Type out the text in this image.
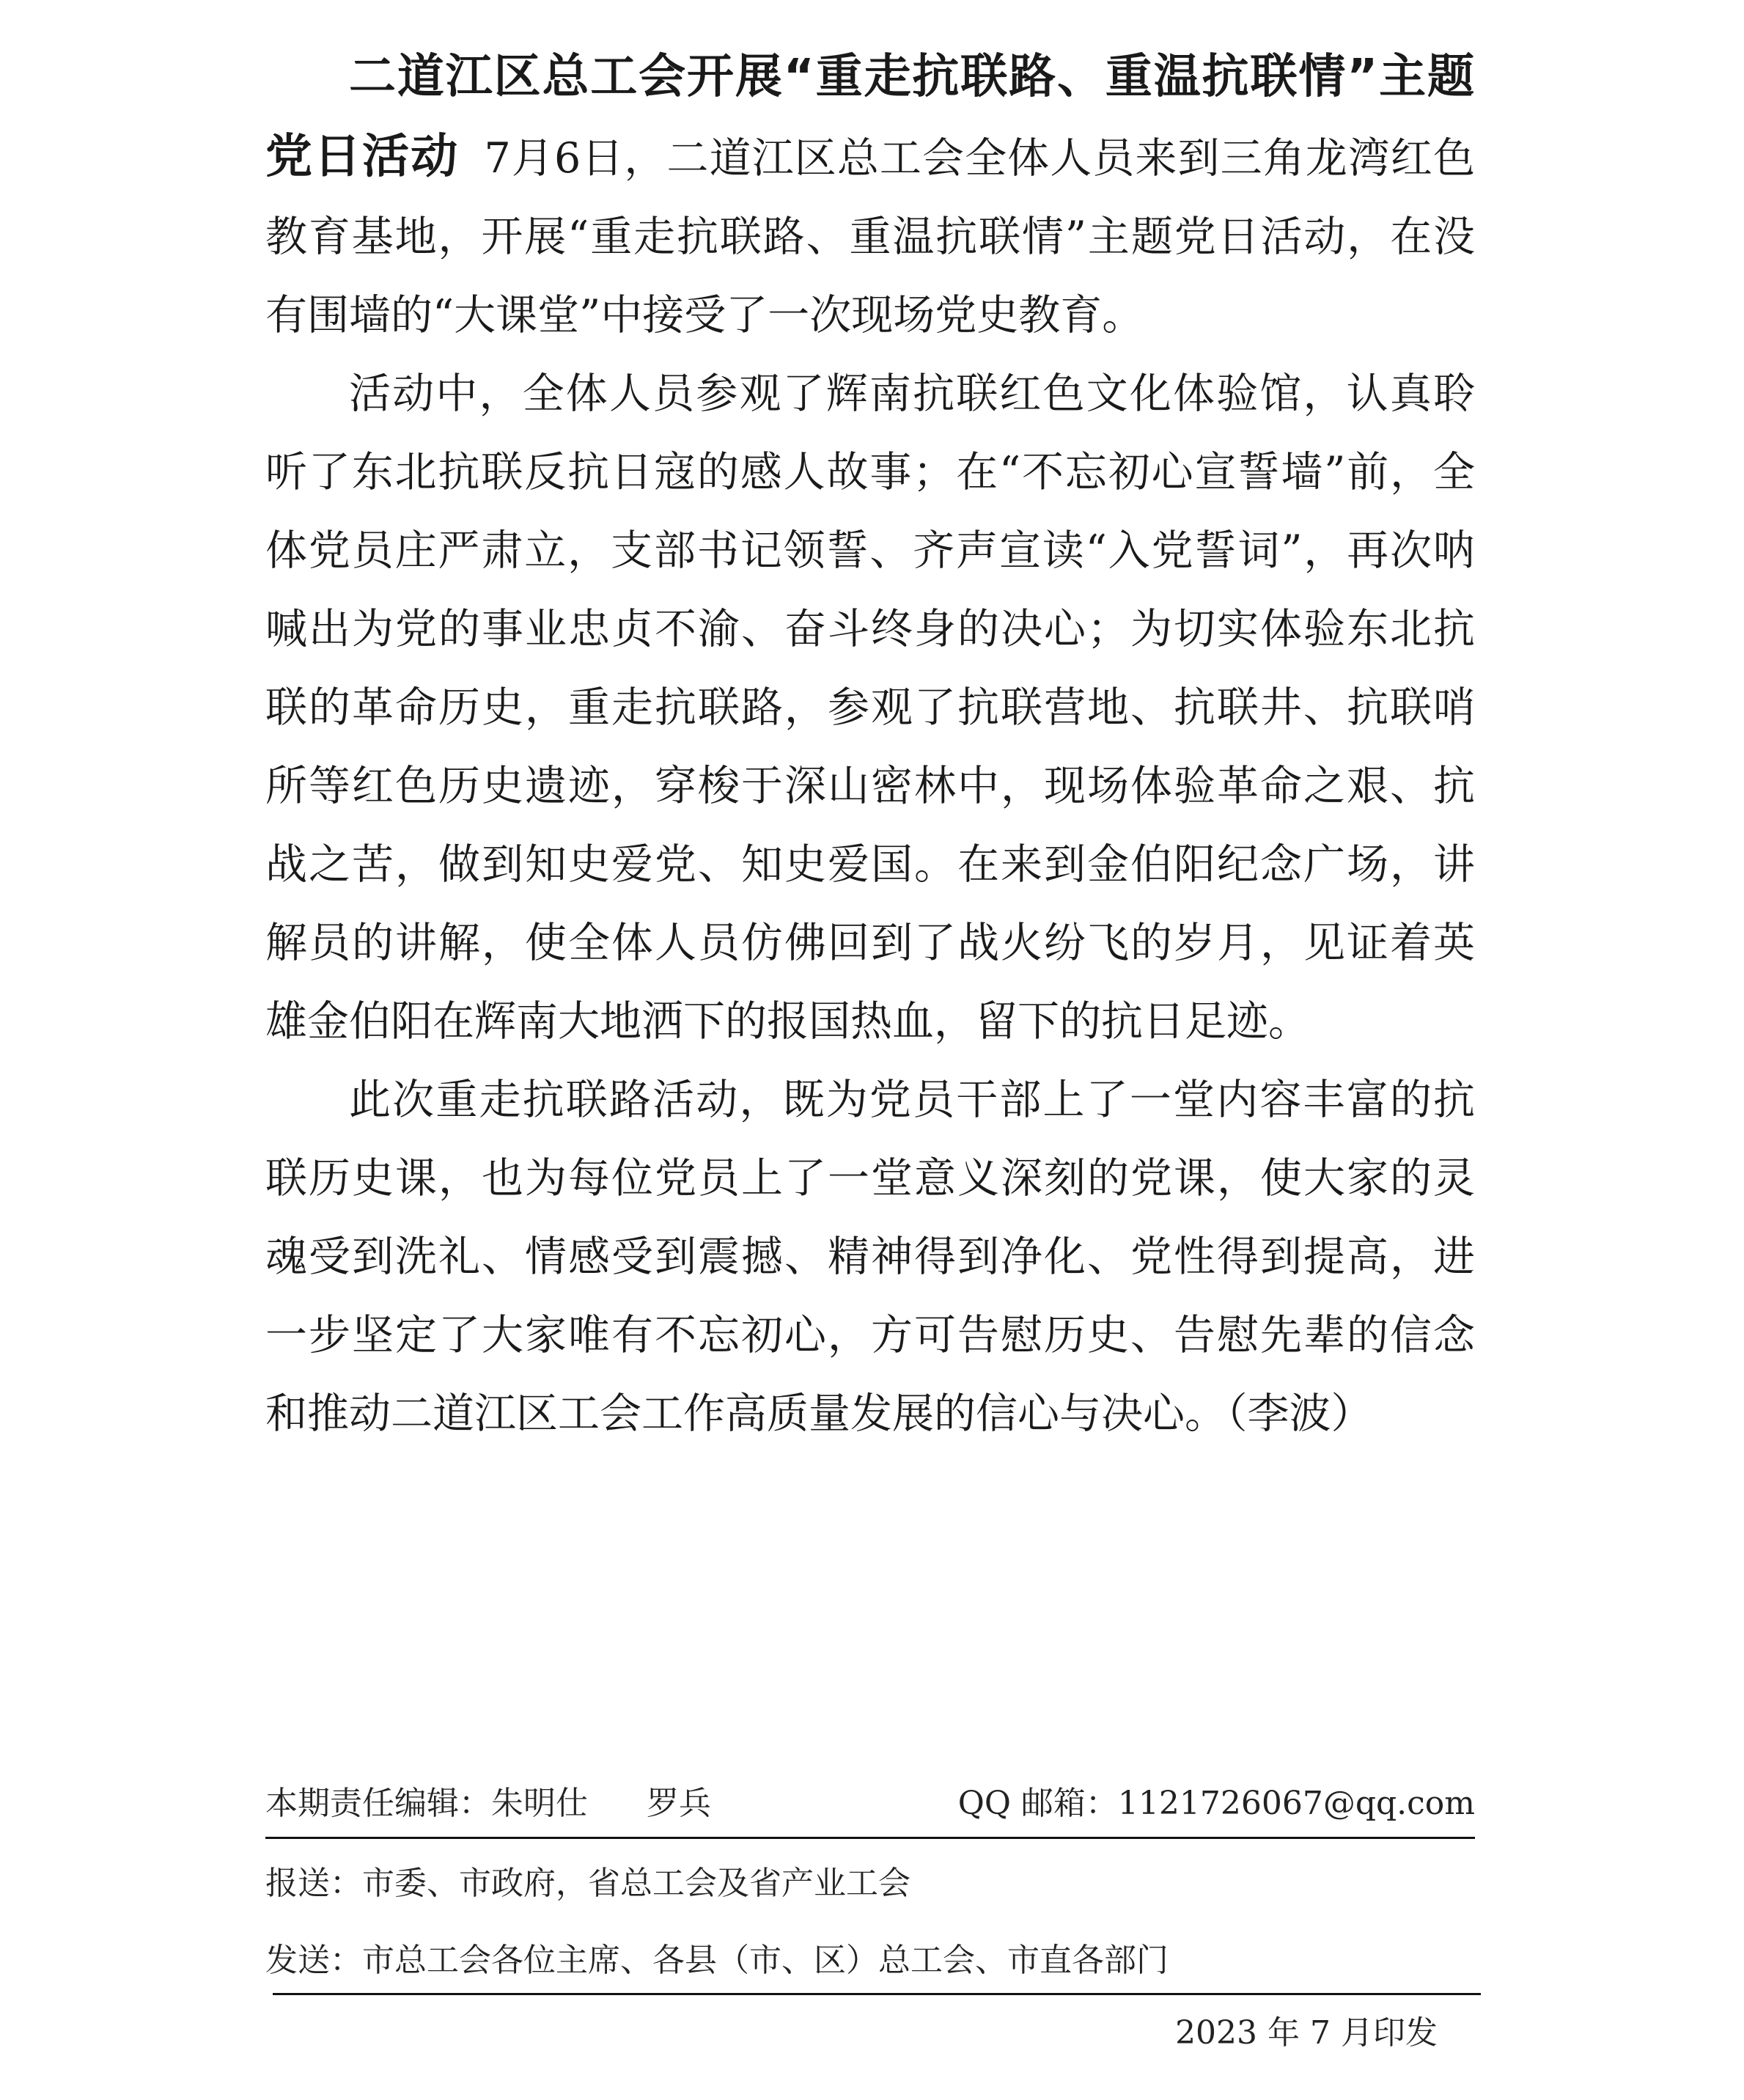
二道江区总工会开展“重走抗联路、重温抗联情”主题党日活动 7月6日，二道江区总工会全体人员来到三角龙湾红色教育基地，开展“重走抗联路、重温抗联情”主题党日活动，在没有围墙的“大课堂”中接受了一次现场党史教育。

活动中，全体人员参观了辉南抗联红色文化体验馆，认真聆听了东北抗联反抗日寇的感人故事；在“不忘初心宣誓墙”前，全体党员庄严肃立，支部书记领誓、齐声宣读“入党誓词”，再次呐喊出为党的事业忠贞不渝、奋斗终身的决心；为切实体验东北抗联的革命历史，重走抗联路，参观了抗联营地、抗联井、抗联哨所等红色历史遗迹，穿梭于深山密林中，现场体验革命之艰、抗战之苦，做到知史爱党、知史爱国。在来到金伯阳纪念广场，讲解员的讲解，使全体人员仿佛回到了战火纷飞的岁月，见证着英雄金伯阳在辉南大地洒下的报国热血，留下的抗日足迹。

此次重走抗联路活动，既为党员干部上了一堂内容丰富的抗联历史课，也为每位党员上了一堂意义深刻的党课，使大家的灵魂受到洗礼、情感受到震撼、精神得到净化、党性得到提高，进一步坚定了大家唯有不忘初心，方可告慰历史、告慰先辈的信念和推动二道江区工会工作高质量发展的信心与决心。（李波）

本期责任编辑：朱明仕 罗兵	QQ 邮箱：1121726067@qq.com
报送：市委、市政府，省总工会及省产业工会
发送：市总工会各位主席、各县（市、区）总工会、市直各部门
2023 年 7 月印发
